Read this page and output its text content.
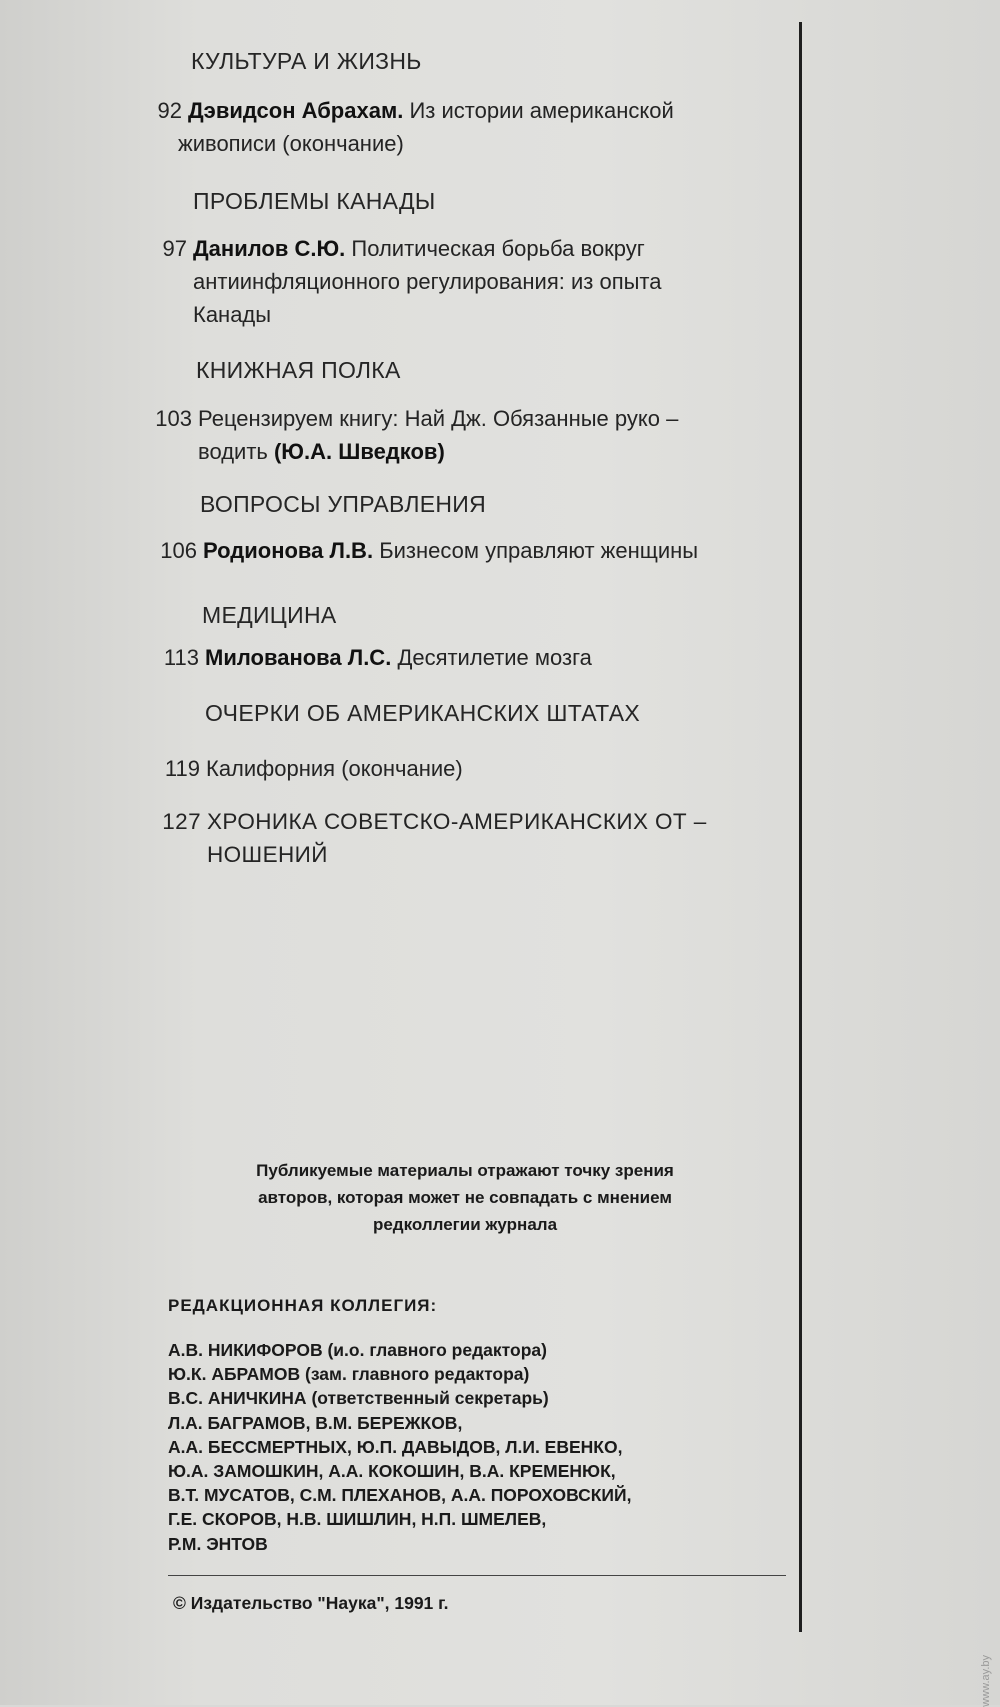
КУЛЬТУРА И ЖИЗНЬ
92 Дэвидсон Абрахам. Из истории американской
живописи (окончание)
ПРОБЛЕМЫ КАНАДЫ
97 Данилов С.Ю. Политическая борьба вокруг
антиинфляционного регулирования: из опыта
Канады
КНИЖНАЯ ПОЛКА
103 Рецензируем книгу: Най Дж. Обязанные руко –
водить (Ю.А. Шведков)
ВОПРОСЫ УПРАВЛЕНИЯ
106 Родионова Л.В. Бизнесом управляют женщины
МЕДИЦИНА
113 Милованова Л.С. Десятилетие мозга
ОЧЕРКИ ОБ АМЕРИКАНСКИХ ШТАТАХ
119 Калифорния (окончание)
127 ХРОНИКА СОВЕТСКО-АМЕРИКАНСКИХ ОТ –
НОШЕНИЙ
Публикуемые материалы отражают точку зрения
авторов, которая может не совпадать с мнением
редколлегии журнала
РЕДАКЦИОННАЯ КОЛЛЕГИЯ:
А.В. НИКИФОРОВ (и.о. главного редактора)
Ю.К. АБРАМОВ (зам. главного редактора)
В.С. АНИЧКИНА (ответственный секретарь)
Л.А. БАГРАМОВ, В.М. БЕРЕЖКОВ,
А.А. БЕССМЕРТНЫХ, Ю.П. ДАВЫДОВ, Л.И. ЕВЕНКО,
Ю.А. ЗАМОШКИН, А.А. КОКОШИН, В.А. КРЕМЕНЮК,
В.Т. МУСАТОВ, С.М. ПЛЕХАНОВ, А.А. ПОРОХОВСКИЙ,
Г.Е. СКОРОВ, Н.В. ШИШЛИН, Н.П. ШМЕЛЕВ,
Р.М. ЭНТОВ
© Издательство "Наука", 1991 г.
www.ay.by
